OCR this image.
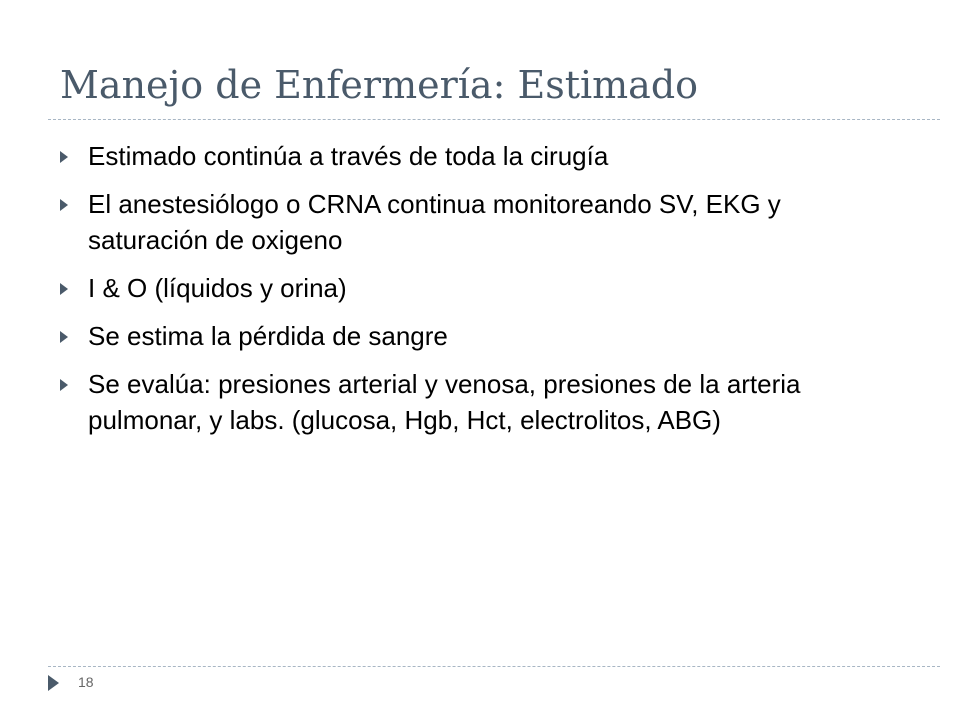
Manejo de Enfermería: Estimado
Estimado continúa a través de toda la cirugía
El anestesiólogo o CRNA continua monitoreando SV, EKG y saturación de oxigeno
I & O (líquidos y orina)
Se estima la pérdida de sangre
Se evalúa: presiones arterial y venosa, presiones de la arteria pulmonar, y labs. (glucosa, Hgb, Hct, electrolitos, ABG)
18
